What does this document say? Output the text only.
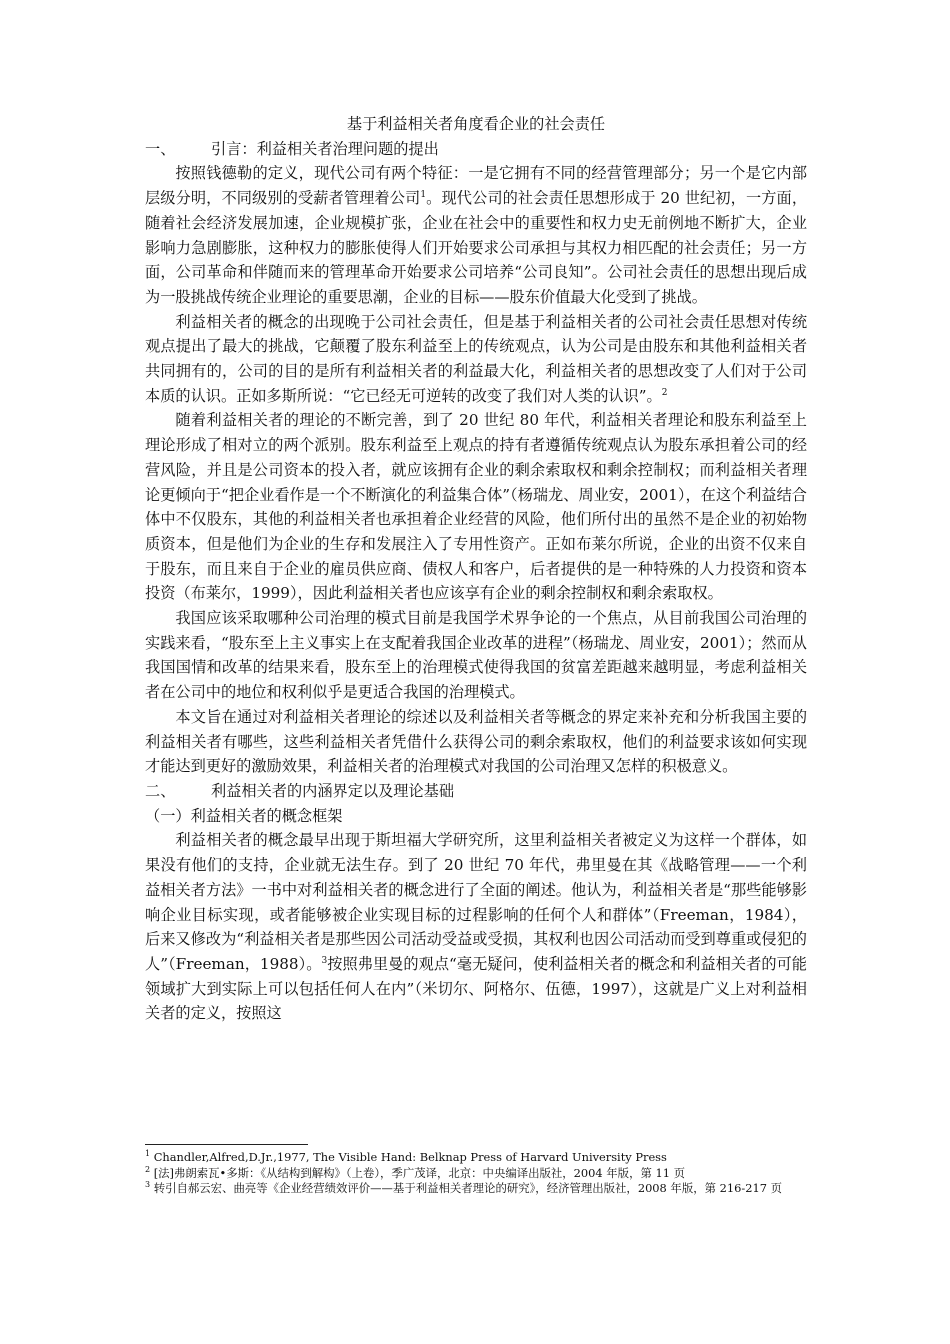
基于利益相关者角度看企业的社会责任

一、 引言：利益相关者治理问题的提出

按照钱德勒的定义，现代公司有两个特征：一是它拥有不同的经营管理部分；另一个是它内部层级分明，不同级别的受薪者管理着公司$^1$。现代公司的社会责任思想形成于 20 世纪初，一方面，随着社会经济发展加速，企业规模扩张，企业在社会中的重要性和权力史无前例地不断扩大，企业影响力急剧膨胀，这种权力的膨胀使得人们开始要求公司承担与其权力相匹配的社会责任；另一方面，公司革命和伴随而来的管理革命开始要求公司培养“公司良知”。公司社会责任的思想出现后成为一股挑战传统企业理论的重要思潮，企业的目标——股东价值最大化受到了挑战。

利益相关者的概念的出现晚于公司社会责任，但是基于利益相关者的公司社会责任思想对传统观点提出了最大的挑战，它颠覆了股东利益至上的传统观点，认为公司是由股东和其他利益相关者共同拥有的，公司的目的是所有利益相关者的利益最大化，利益相关者的思想改变了人们对于公司本质的认识。正如多斯所说：“它已经无可逆转的改变了我们对人类的认识”。$^2$

随着利益相关者的理论的不断完善，到了 20 世纪 80 年代，利益相关者理论和股东利益至上理论形成了相对立的两个派别。股东利益至上观点的持有者遵循传统观点认为股东承担着公司的经营风险，并且是公司资本的投入者，就应该拥有企业的剩余索取权和剩余控制权；而利益相关者理论更倾向于“把企业看作是一个不断演化的利益集合体”（杨瑞龙、周业安，2001），在这个利益结合体中不仅股东，其他的利益相关者也承担着企业经营的风险，他们所付出的虽然不是企业的初始物质资本，但是他们为企业的生存和发展注入了专用性资产。正如布莱尔所说，企业的出资不仅来自于股东，而且来自于企业的雇员供应商、债权人和客户，后者提供的是一种特殊的人力投资和资本投资（布莱尔，1999），因此利益相关者也应该享有企业的剩余控制权和剩余索取权。

我国应该采取哪种公司治理的模式目前是我国学术界争论的一个焦点，从目前我国公司治理的实践来看，“股东至上主义事实上在支配着我国企业改革的进程”（杨瑞龙、周业安，2001）；然而从我国国情和改革的结果来看，股东至上的治理模式使得我国的贫富差距越来越明显，考虑利益相关者在公司中的地位和权利似乎是更适合我国的治理模式。

本文旨在通过对利益相关者理论的综述以及利益相关者等概念的界定来补充和分析我国主要的利益相关者有哪些，这些利益相关者凭借什么获得公司的剩余索取权，他们的利益要求该如何实现才能达到更好的激励效果，利益相关者的治理模式对我国的公司治理又怎样的积极意义。

二、 利益相关者的内涵界定以及理论基础

（一）利益相关者的概念框架

利益相关者的概念最早出现于斯坦福大学研究所，这里利益相关者被定义为这样一个群体，如果没有他们的支持，企业就无法生存。到了 20 世纪 70 年代，弗里曼在其《战略管理——一个利益相关者方法》一书中对利益相关者的概念进行了全面的阐述。他认为，利益相关者是“那些能够影响企业目标实现，或者能够被企业实现目标的过程影响的任何个人和群体”（Freeman，1984），后来又修改为“利益相关者是那些因公司活动受益或受损，其权利也因公司活动而受到尊重或侵犯的人”（Freeman，1988）。$^3$按照弗里曼的观点“毫无疑问，使利益相关者的概念和利益相关者的可能领域扩大到实际上可以包括任何人在内”（米切尔、阿格尔、伍德，1997），这就是广义上对利益相关者的定义，按照这

$^1$ Chandler,Alfred,D.Jr.,1977, The Visible Hand: Belknap Press of Harvard University Press

$^2$ [法]弗朗索瓦•多斯：《从结构到解构》（上卷），季广茂译，北京：中央编译出版社，2004 年版，第 11 页

$^3$ 转引自郝云宏、曲亮等《企业经营绩效评价——基于利益相关者理论的研究》，经济管理出版社，2008 年版，第 216-217 页
